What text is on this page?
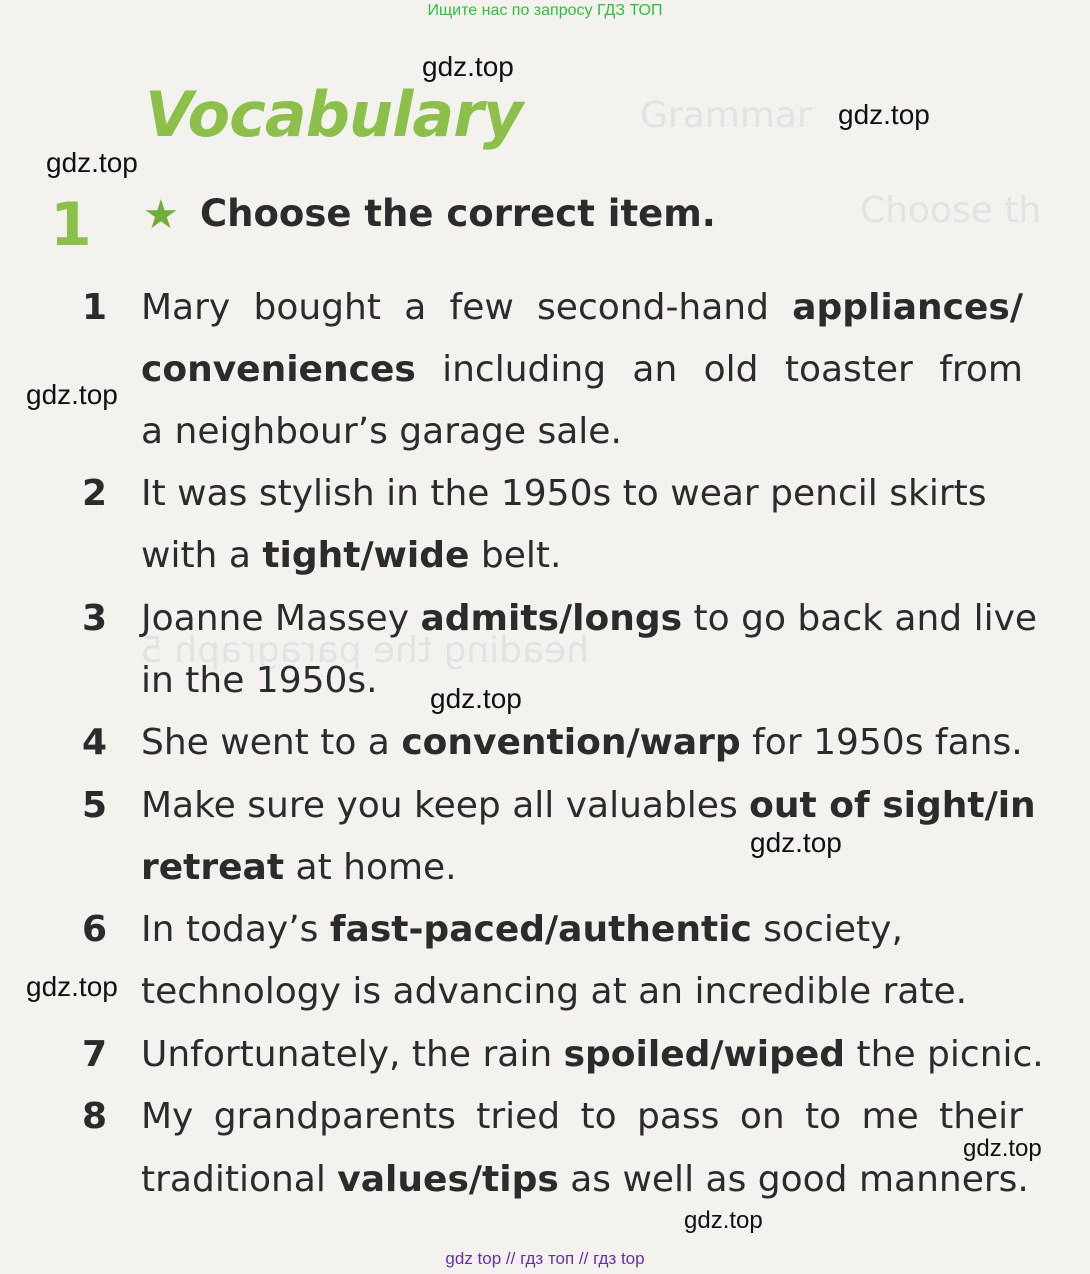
Grammar
Choose th
heading the paragraph 5
Ищите нас по запросу ГДЗ ТОП
gdz.top
gdz.top
gdz.top
gdz.top
gdz.top
gdz.top
gdz.top
gdz.top
gdz.top
Vocabulary
1 ★ Choose the correct item.
1 Mary bought a few second-hand appliances/
conveniences including an old toaster from
a neighbour’s garage sale.
2 It was stylish in the 1950s to wear pencil skirts
with a tight/wide belt.
3 Joanne Massey admits/longs to go back and live
in the 1950s.
4 She went to a convention/warp for 1950s fans.
5 Make sure you keep all valuables out of sight/in
retreat at home.
6 In today’s fast-paced/authentic society,
technology is advancing at an incredible rate.
7 Unfortunately, the rain spoiled/wiped the picnic.
8 My grandparents tried to pass on to me their
traditional values/tips as well as good manners.
gdz top // гдз топ // гдз top
